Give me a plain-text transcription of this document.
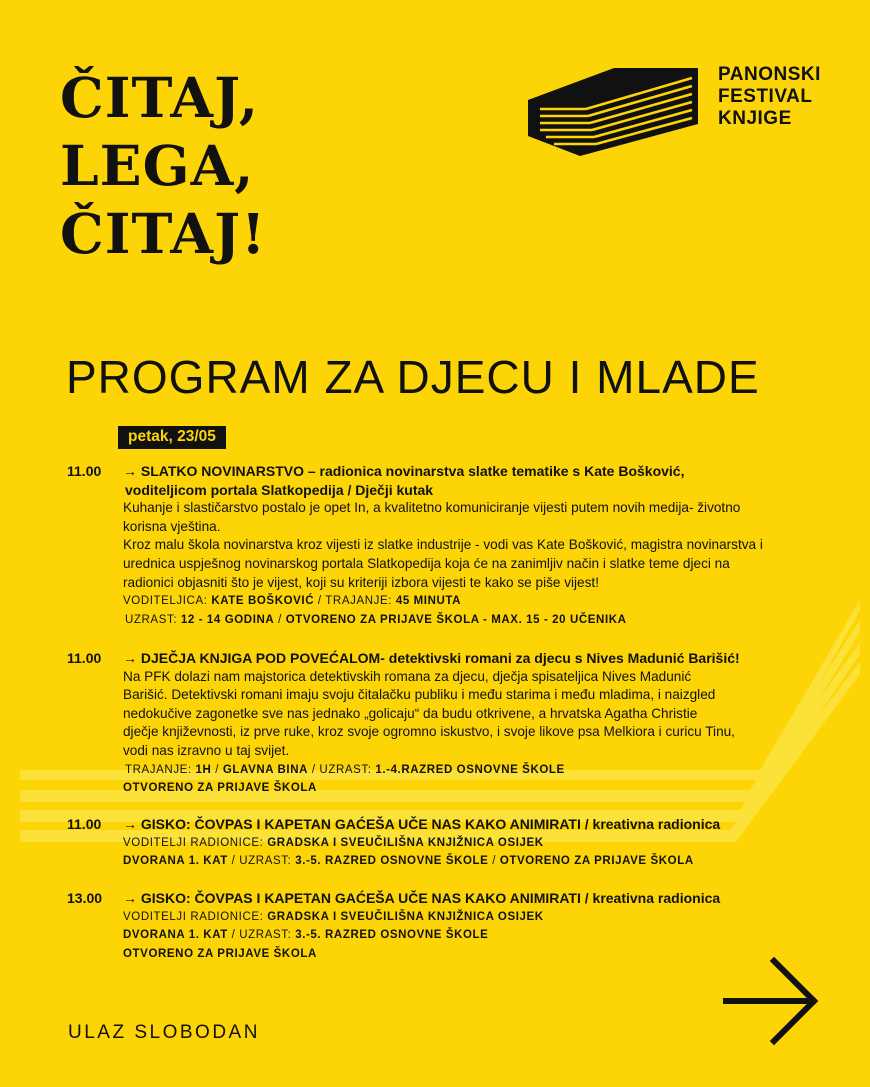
ČITAJ,
LEGA,
ČITAJ!
PANONSKI
FESTIVAL
KNJIGE
PROGRAM ZA DJECU I MLADE
petak, 23/05
11.00 → SLATKO NOVINARSTVO – radionica novinarstva slatke tematike s Kate Bošković,
voditeljicom portala Slatkopedija / Dječji kutak
Kuhanje i slastičarstvo postalo je opet In, a kvalitetno komuniciranje vijesti putem novih medija- životno
korisna vještina.
Kroz malu škola novinarstva kroz vijesti iz slatke industrije - vodi vas Kate Bošković, magistra novinarstva i
urednica uspješnog novinarskog portala Slatkopedija koja će na zanimljiv način i slatke teme djeci na
radionici objasniti što je vijest, koji su kriteriji izbora vijesti te kako se piše vijest!
VODITELJICA: KATE BOŠKOVIĆ / TRAJANJE: 45 MINUTA
UZRAST: 12 - 14 GODINA / OTVORENO ZA PRIJAVE ŠKOLA - MAX. 15 - 20 UČENIKA
11.00 → DJEČJA KNJIGA POD POVEĆALOM- detektivski romani za djecu s Nives Madunić Barišić!
Na PFK dolazi nam majstorica detektivskih romana za djecu, dječja spisateljica Nives Madunić
Barišić. Detektivski romani imaju svoju čitalačku publiku i među starima i među mladima, i naizgled
nedokučive zagonetke sve nas jednako „golicaju“ da budu otkrivene, a hrvatska Agatha Christie
dječje književnosti, iz prve ruke, kroz svoje ogromno iskustvo, i svoje likove psa Melkiora i curicu Tinu,
vodi nas izravno u taj svijet.
TRAJANJE: 1H / GLAVNA BINA / UZRAST: 1.-4.RAZRED OSNOVNE ŠKOLE
OTVORENO ZA PRIJAVE ŠKOLA
11.00 → GISKO: ČOVPAS I KAPETAN GAĆEŠA UČE NAS KAKO ANIMIRATI / kreativna radionica
VODITELJI RADIONICE: GRADSKA I SVEUČILIŠNA KNJIŽNICA OSIJEK
DVORANA 1. KAT / UZRAST: 3.-5. RAZRED OSNOVNE ŠKOLE / OTVORENO ZA PRIJAVE ŠKOLA
13.00 → GISKO: ČOVPAS I KAPETAN GAĆEŠA UČE NAS KAKO ANIMIRATI / kreativna radionica
VODITELJI RADIONICE: GRADSKA I SVEUČILIŠNA KNJIŽNICA OSIJEK
DVORANA 1. KAT / UZRAST: 3.-5. RAZRED OSNOVNE ŠKOLE
OTVORENO ZA PRIJAVE ŠKOLA
ULAZ SLOBODAN
